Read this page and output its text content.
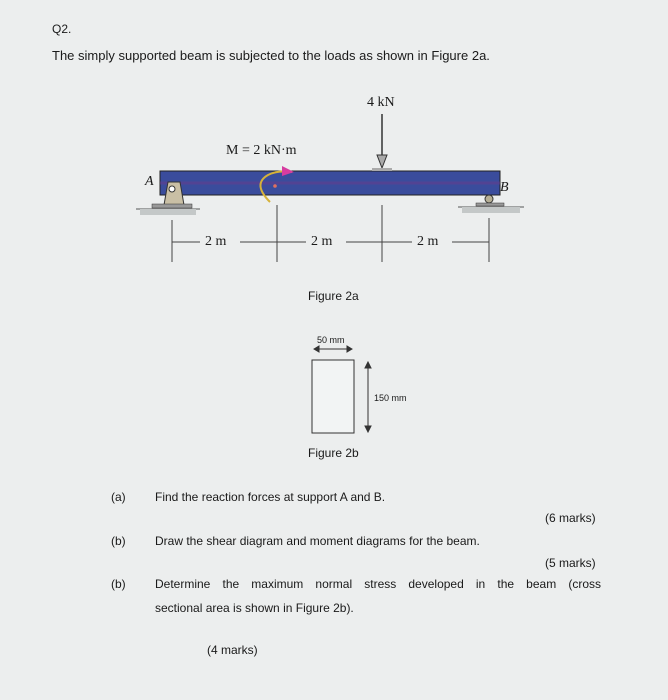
Q2.
The simply supported beam is subjected to the loads as shown in Figure 2a.
4 kN
M = 2 kN·m
A	B
2 m	2 m	2 m
Figure 2a
50 mm
150 mm
Figure 2b
(a) Find the reaction forces at support A and B.
(6 marks)
(b) Draw the shear diagram and moment diagrams for the beam.
(5 marks)
(b) Determine the maximum normal stress developed in the beam (cross
sectional area is shown in Figure 2b).
(4 marks)
